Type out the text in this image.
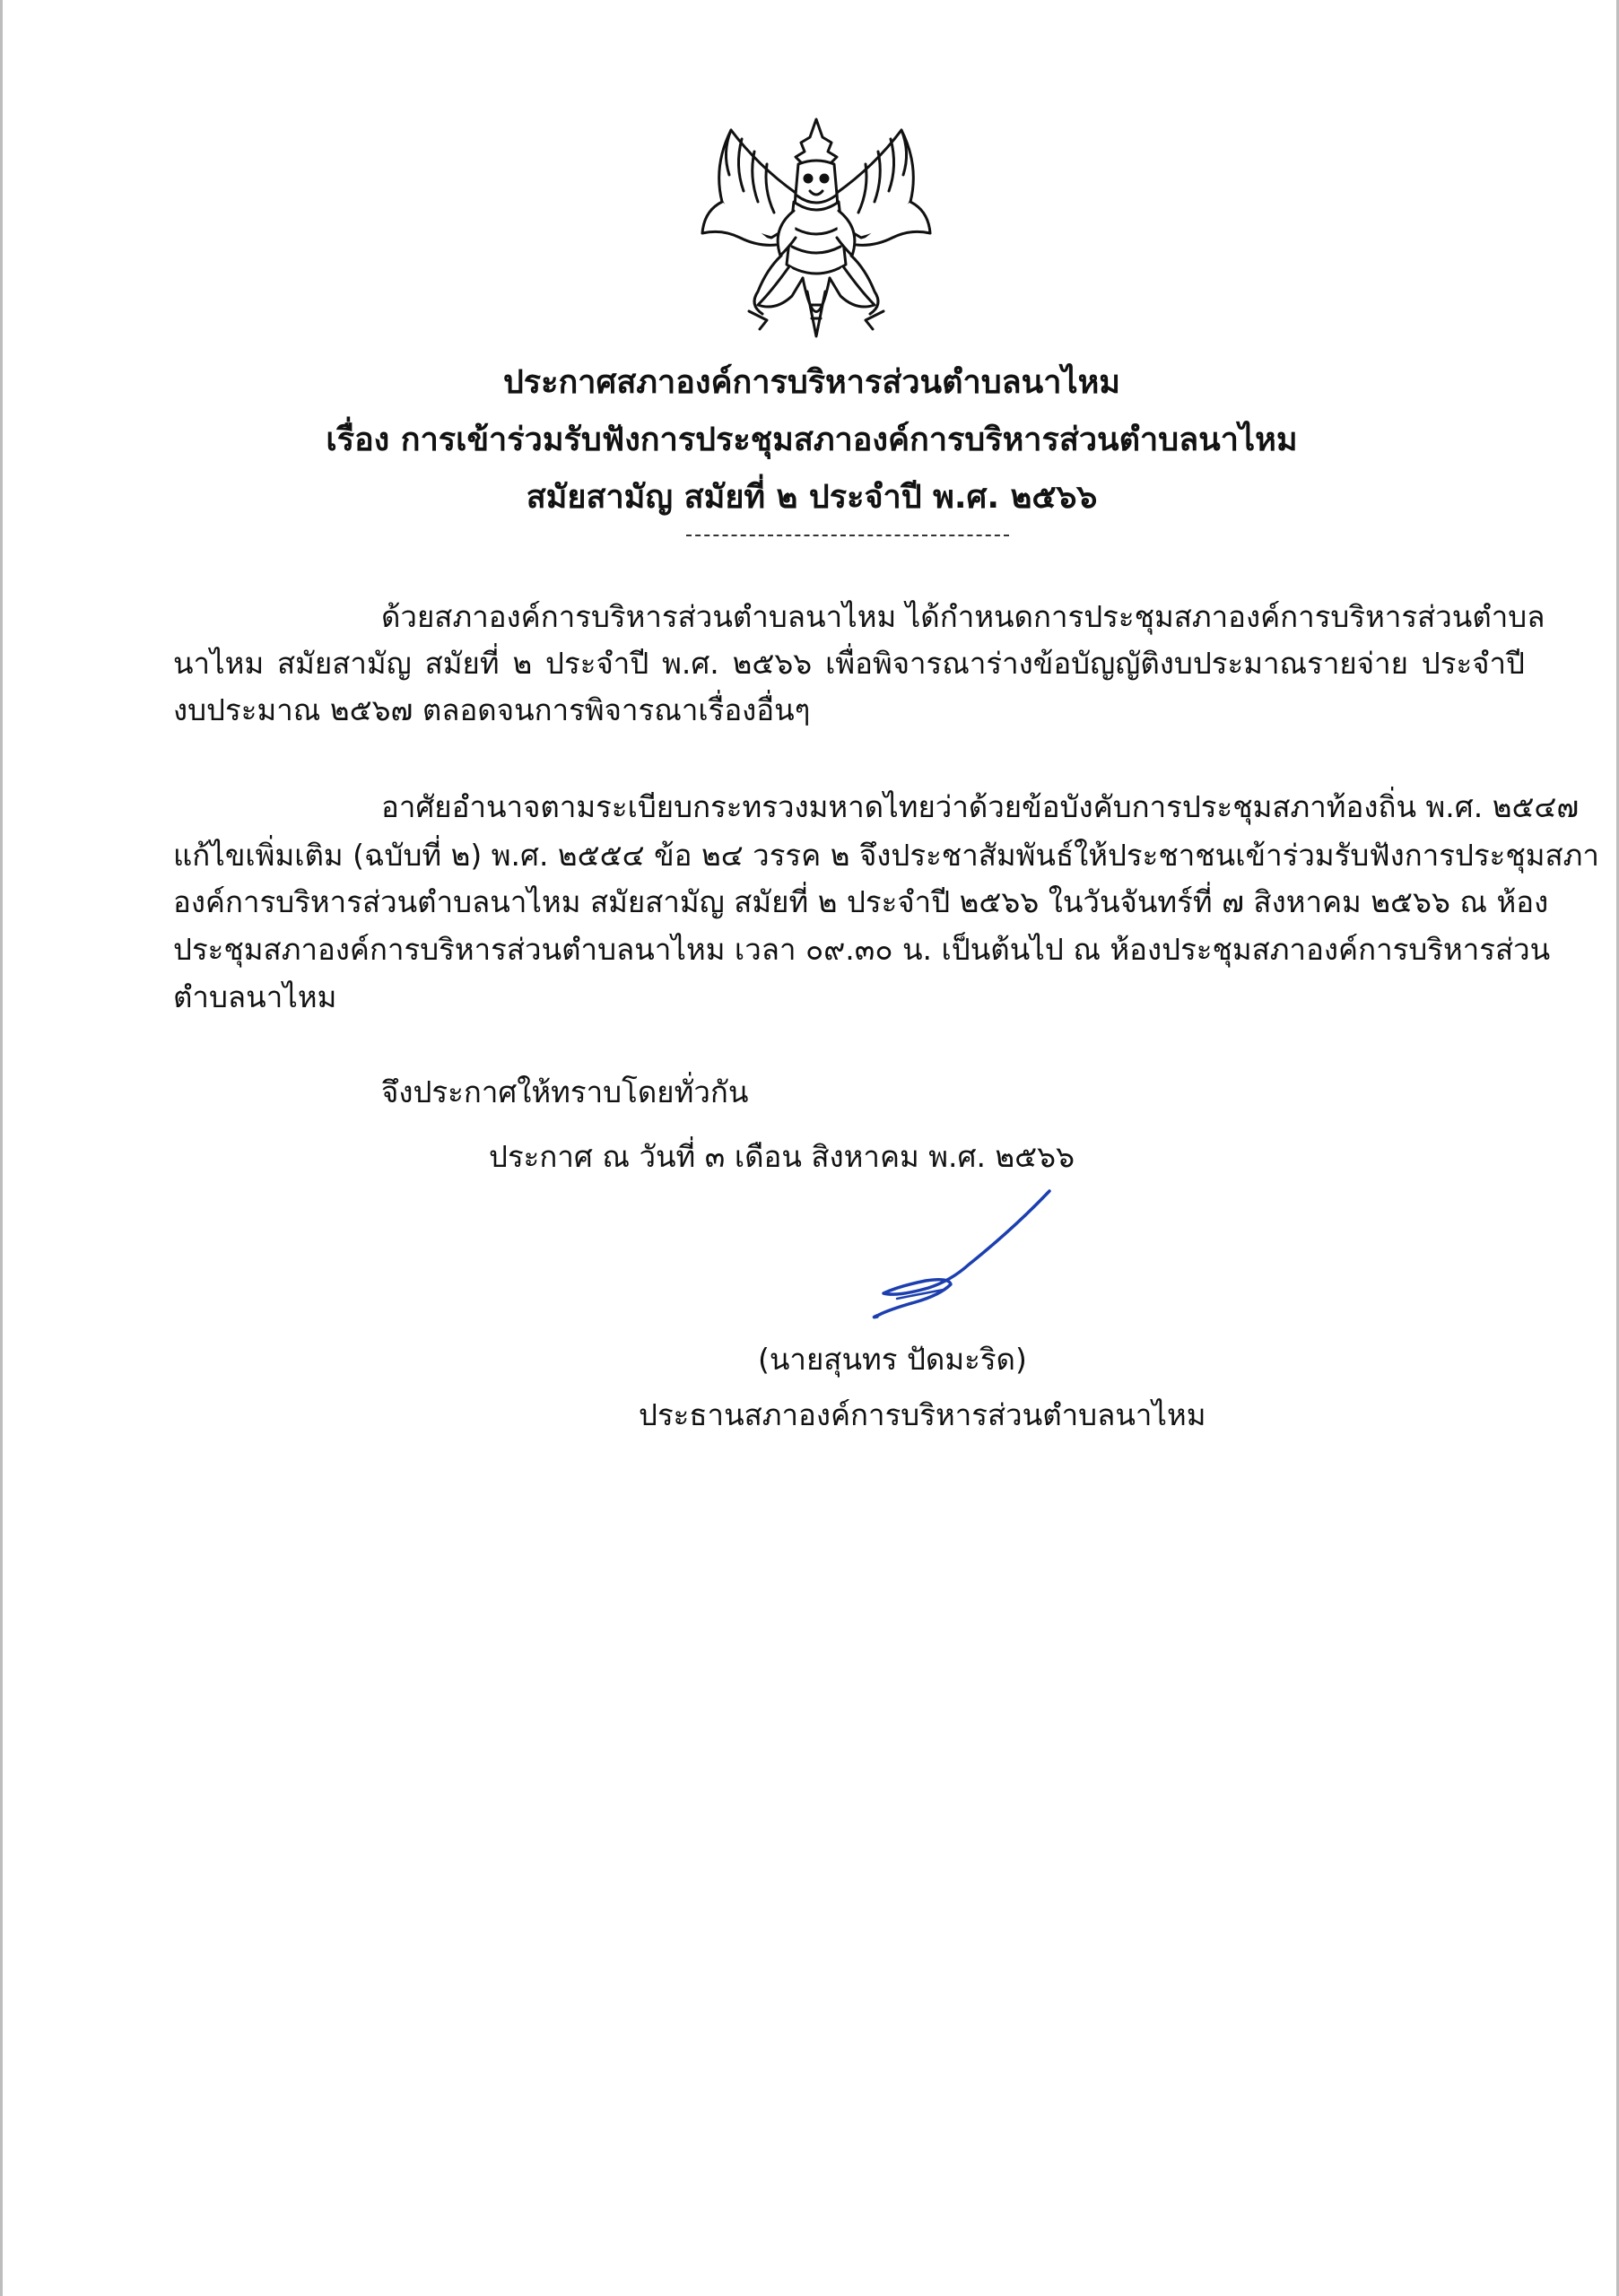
ประกาศสภาองค์การบริหารส่วนตำบลนาไหม
เรื่อง การเข้าร่วมรับฟังการประชุมสภาองค์การบริหารส่วนตำบลนาไหม
สมัยสามัญ สมัยที่ ๒ ประจำปี พ.ศ. ๒๕๖๖
ด้วยสภาองค์การบริหารส่วนตำบลนาไหม ได้กำหนดการประชุมสภาองค์การบริหารส่วนตำบล
นาไหม สมัยสามัญ สมัยที่ ๒ ประจำปี พ.ศ. ๒๕๖๖ เพื่อพิจารณาร่างข้อบัญญัติงบประมาณรายจ่าย ประจำปี
งบประมาณ ๒๕๖๗ ตลอดจนการพิจารณาเรื่องอื่นๆ
อาศัยอำนาจตามระเบียบกระทรวงมหาดไทยว่าด้วยข้อบังคับการประชุมสภาท้องถิ่น พ.ศ. ๒๕๔๗
แก้ไขเพิ่มเติม (ฉบับที่ ๒) พ.ศ. ๒๕๕๔ ข้อ ๒๔ วรรค ๒ จึงประชาสัมพันธ์ให้ประชาชนเข้าร่วมรับฟังการประชุมสภา
องค์การบริหารส่วนตำบลนาไหม สมัยสามัญ สมัยที่ ๒ ประจำปี ๒๕๖๖ ในวันจันทร์ที่ ๗ สิงหาคม ๒๕๖๖ ณ ห้อง
ประชุมสภาองค์การบริหารส่วนตำบลนาไหม เวลา ๐๙.๓๐ น. เป็นต้นไป ณ ห้องประชุมสภาองค์การบริหารส่วน
ตำบลนาไหม
จึงประกาศให้ทราบโดยทั่วกัน
ประกาศ ณ วันที่ ๓ เดือน สิงหาคม พ.ศ. ๒๕๖๖
(นายสุนทร ปัดมะริด)
ประธานสภาองค์การบริหารส่วนตำบลนาไหม
